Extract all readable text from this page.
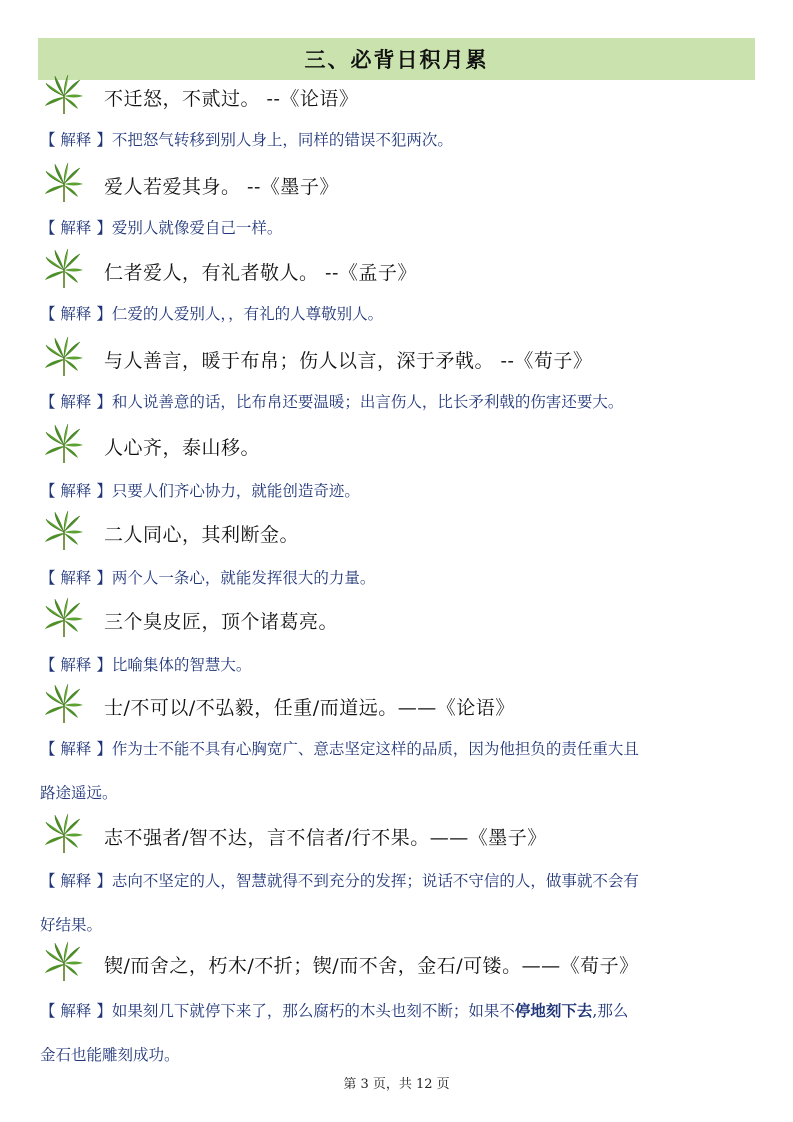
三、必背日积月累
不迁怒，不贰过。 --《论语》
【 解释 】不把怒气转移到别人身上，同样的错误不犯两次。
爱人若爱其身。 --《墨子》
【 解释 】爱别人就像爱自己一样。
仁者爱人，有礼者敬人。 --《孟子》
【 解释 】仁爱的人爱别人，，有礼的人尊敬别人。
与人善言，暖于布帛；伤人以言，深于矛戟。 --《荀子》
【 解释 】和人说善意的话，比布帛还要温暖；出言伤人，比长矛利戟的伤害还要大。
人心齐，泰山移。
【 解释 】只要人们齐心协力，就能创造奇迹。
二人同心，其利断金。
【 解释 】两个人一条心，就能发挥很大的力量。
三个臭皮匠，顶个诸葛亮。
【 解释 】比喻集体的智慧大。
士/不可以/不弘毅，任重/而道远。——《论语》
【 解释 】作为士不能不具有心胸宽广、意志坚定这样的品质，因为他担负的责任重大且
路途遥远。
志不强者/智不达，言不信者/行不果。——《墨子》
【 解释 】志向不坚定的人，智慧就得不到充分的发挥；说话不守信的人，做事就不会有
好结果。
锲/而舍之，朽木/不折；锲/而不舍，金石/可镂。——《荀子》
【 解释 】如果刻几下就停下来了，那么腐朽的木头也刻不断；如果不停地刻下去,那么
金石也能雕刻成功。
第 3 页，共 12 页
